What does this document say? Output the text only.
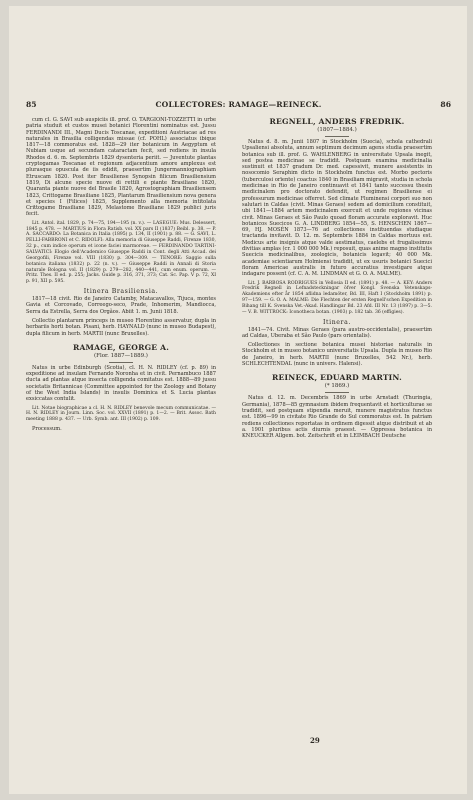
85	COLLECTORES: RAMAGE—REINECK.	86

cum cl. G. SAVI sub auspiciis ill. prof. O. TARGIONI-TOZZETTI in urbe patria studuit et custos musei botanici Florentini nominatus est. Jussu FERDINANDI III., Magni Ducis Toscanae, expeditioni Austriacae ad res naturales in Brasilia colligendas missae (cf. POHL) associatus ibique 1817—18 commoratus est. 1828—29 iter botanicum in Aegyptum et Nubiam usque ad secundam cataractam fecit, sed rediens in insula Rhodos d. 6. m. Septembris 1829 dysenteria periit. — Juventute plantas cryptogamas Toscanae et regionum adjacentium amore amplexus est plurasque opuscula de iis edidit, praesertim Jungermanniographiam Etruscam 1820. Post iter Brasiliense Synopsin filicum Brasiliensium 1819, Di alcune specie nuove di rettili e piante Brasiliane 1820, Quaranta piante nuove del Brasile 1820, Agrostographiam Brasiliensem 1823, Crittogame Brasiliane 1825, Plantarum Brasiliensium nova genera et species I (Filices) 1825, Supplemento alla memoria intitolata Crittogame Brasiliane 1829, Melastome Brasiliane 1829 publici juris fecit.

Lit. Antol. ital. 1829, p. 74—75, 194—195 (n. v.). — LASEGUE: Mus. Delessert, 1845 p. 478. — MARTIUS in Flora Ratisb. vol. XX pars II (1837) Beibl. p. 38. — P. A. SACCARDO: La Botanica in Italia (1895) p. 134, II (1901) p. 88. — G. SAVI, L. PELLI-FABBRONI et C. RIDOLFI: Alla memoria di Giuseppe Raddi, Firenze 1830, 32 p., cum indice operum et icone faciei marmoreae. — FERDINANDO TARTINI-SALVATICI: Elogio dell'Academico Giuseppe Raddi in Cont. degli Atti Accad. dei Georgofili, Firenze vol. VIII (1830) p. 304—309. — TENORE: Saggio sulla botanica italiana (1832) p. 22 (n. v.). — Giuseppe Raddi in Annali di Storia naturale Bologna vol. II (1829) p. 279—282, 440—441, cum enum. operum. — Pritz. Thes. II ed. p. 255; Jacks. Guide p. 316, 371, 373; Cat. Sc. Pap. V p. 72, XI p. 91, XII p. 595.

Itinera Brasiliensia.

1817—18 civit. Rio de Janeiro Catamby, Matacavallos, Tijuca, montes Gavia et Corcovado, Correego-seco, Prade, Inhomerim, Mandiocca, Serra da Estrella, Serra dos Orgãos. Abiit 1. m. Junii 1818.

Collectio plantarum princeps in museo Florentino asservatur, dupla in herbariis horti botan. Pisani, herb. HAYNALD (nunc in museo Budapest), dupla filicum in herb. MARTII (nunc Bruxelles).

RAMAGE, GEORGE A.
(Flor. 1887—1889.)

Natus in urbe Edinburgh (Scotia), cl. H. N. RIDLEY (cf. p. 89) in expeditione ad insulam Fernando Noronha et in civit. Pernambuco 1887 ducta ad plantas atque insecta colligenda comitatus est. 1888—89 jussu societatis Britannicae (Committee appointed for the Zoology and Botany of the West India Islands) in insulis Dominica et S. Lucia plantas exsiccatas contulit.

Lit. Notae biographicae a cl. H. N. RIDLEY benevole mecum communicatae. — H. N. RIDLEY in Journ. Linn. Soc. vol. XXVII (1891) p. 1—2. — Brit. Assoc. Bath meeting 1888 p. 437. — Urb. Symb. ant. III (1902) p. 109.

Processum.

REGNELL, ANDERS FREDRIK.
(1807—1884.)

Natus d. 8. m. Junii 1807 in Stockholm (Suecia), schola cathedrali Upsaliensi absoluta, annum septimum decimum agens studia praesertim botanica sub ill. prof. G. WAHLENBERG in universitate Upsala inegit, sed postea medicinae se tradidit. Postquam examina medicinalia sustinuit et 1837 gradum Dr. med. capessivit, munere assistentis in nosocomio Seraphim dicto in Stockholm functus est. Morbo pectoris (tuberculosi orïente) coactus 1840 in Brasiliam migravit, studia in schola medicinae in Rio de Janeiro continuavit et 1841 tanto successu thesin medicinalem pro doctorato defendit, ut regimen Brasiliense ei professurum medicinae offerret. Sed climate Fluminensi corpori suo non salutari in Caldas (civit. Minas Geraes) sedem ad domicilium constituit, ubi 1841—1884 artem medicinalem exercuit et unde regiones vicinas civit. Minas Geraes et São Paulo quoad floram accurate exploravit. Huc botanicos Suecicos G. A. LINDBERG 1854—55, S. HENSCHEN 1867—69, HJ. MOSÉN 1873—76 ad collectiones instituendas studiaque tractanda invitavit. D. 12. m. Septembris 1884 in Caldas mortuus est. Medicus arte insignis atque valde aestimatus, caelebs et frugalissimus divitias amplas (cr. 1 000 000 Mk.) reposuit, quas anime magno institutis Suecicis medicinalibus, zoologicis, botanicis legavit; 40 000 Mk. academiae scientiarum Holmiensi tradidit, ut ex usuris botanici Suecici floram Americae australis in futuro accuratius investigare atque indagare possent (cf. C. A. M. LINDMAN et G. O. A. MALME).

Lit. J. BARBOSA RODRIGUES in Vellosia II ed. (1891) p. 48. — A. KEY: Anders Fredrik Regnell in Lefnadsteckningar öfver Kongl. Svenska Vetenskaps-Akademiens efter år 1854 aflidna ledamöter, Bd. III, Haft I (Stockholm 1891) p. 97—159. — G. O. A. MALME: Die Flechten der ersten Regnell'schen Expedition in Bihang till K. Svenska Vet.-Akad. Handlingar Bd. 23 Afd. III Nr. 13 (1897) p. 3—5. — V. B. WITTROCK: Iconotheca botan. (1903) p. 182 tab. 36 (effigies).

Itinera.

1841—74. Civit. Minas Geraes (para austro-occidentalis), praesertim ad Caldas, Uberaba et São Paulo (pars orientalis).

Collectiones in sectione botanica musei historiae naturalis in Stockholm et in museo botanico universitatis Upsala. Dupla in museo Rio de Janeiro, in herb. MARTII (nunc Bruxelles, 542 Nr.), herb. SCHLECHTENDAL (nunc in univers. Halensi).

REINECK, EDUARD MARTIN.
(* 1869.)

Natus d. 12. m. Decembris 1869 in urbe Arnstadt (Thuringia, Germania), 1878—85 gymnasium ibidem frequentavit et horticulturae se tradidit, sed postquam stipendia meruit, munere magistratus functus est. 1896—99 in civitate Rio Grande do Sul commoratus est. In patriam rediens collectiones reportatas in ordinem digessit atque distribuit et ab a. 1901 pluribus actis diurnis praeest. — Oppressa botanica in KNEUCKER Allgem. bot. Zeitschrift et in LEIMBACH Deutsche

29
